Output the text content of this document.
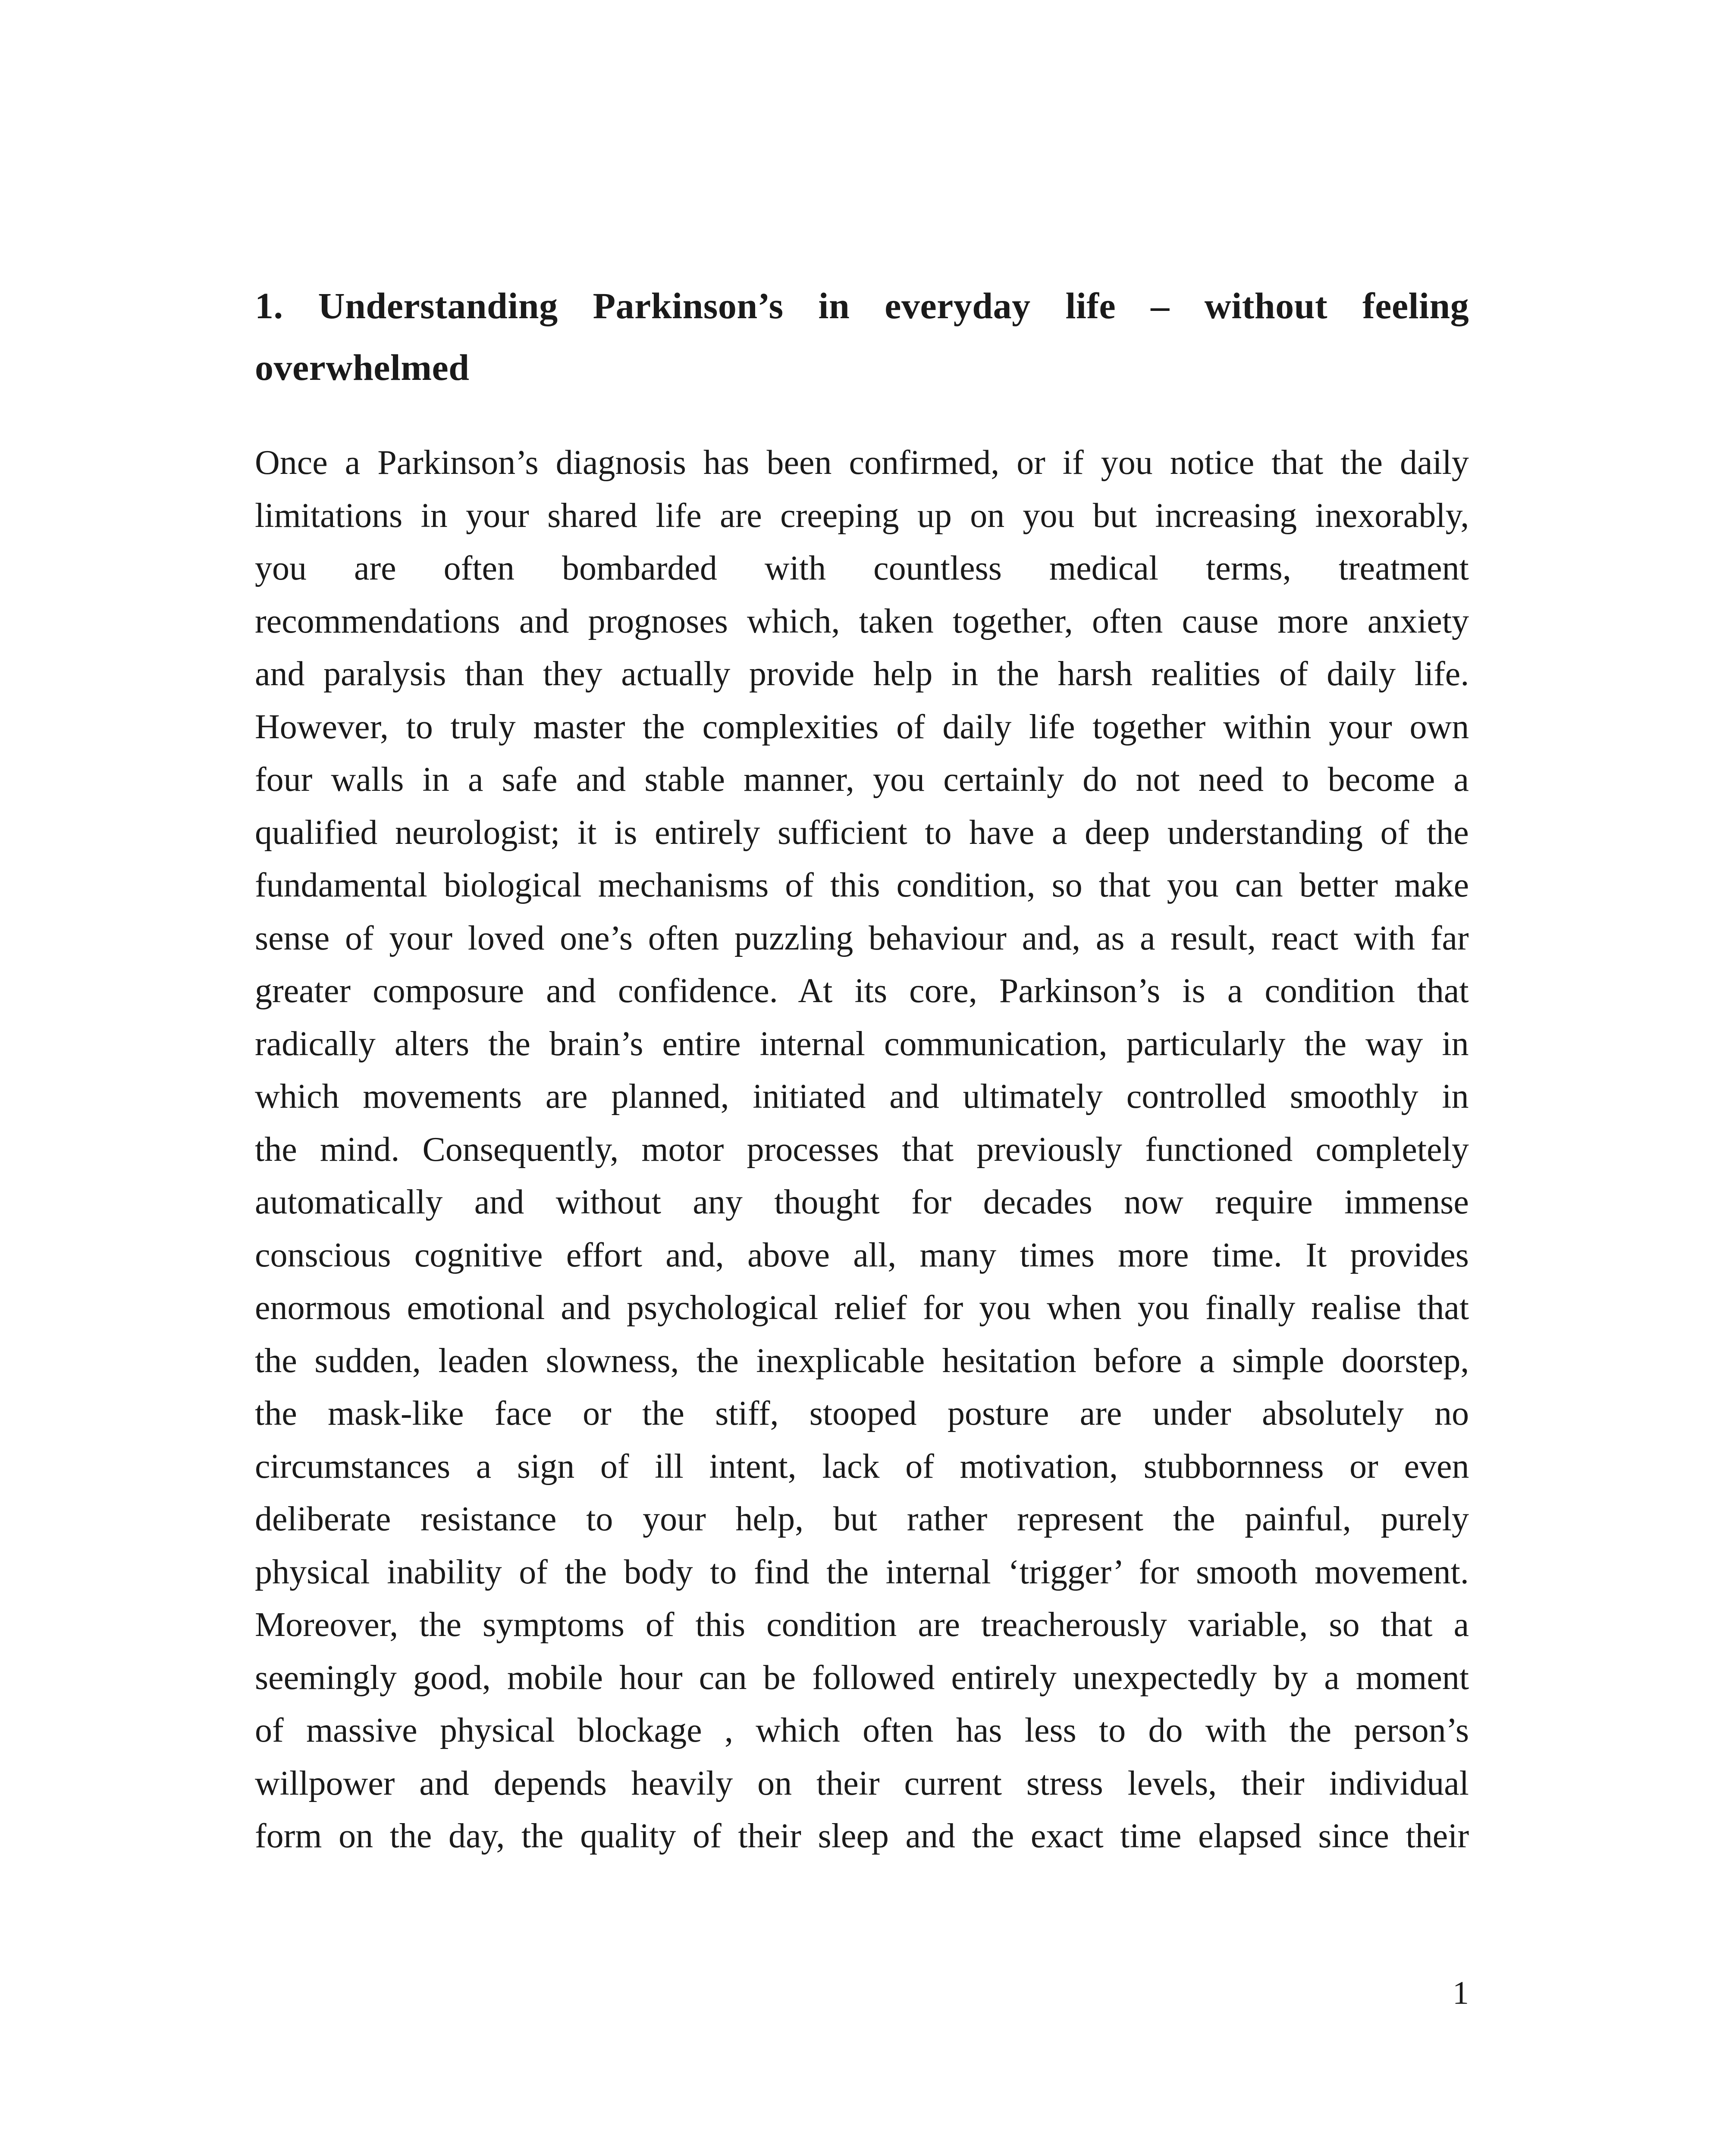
1. Understanding Parkinson’s in everyday life – without feeling

overwhelmed

Once a Parkinson’s diagnosis has been confirmed, or if you notice that the daily
limitations in your shared life are creeping up on you but increasing inexorably,
you are often bombarded with countless medical terms, treatment
recommendations and prognoses which, taken together, often cause more anxiety
and paralysis than they actually provide help in the harsh realities of daily life.
However, to truly master the complexities of daily life together within your own
four walls in a safe and stable manner, you certainly do not need to become a
qualified neurologist; it is entirely sufficient to have a deep understanding of the
fundamental biological mechanisms of this condition, so that you can better make
sense of your loved one’s often puzzling behaviour and, as a result, react with far
greater composure and confidence. At its core, Parkinson’s is a condition that
radically alters the brain’s entire internal communication, particularly the way in
which movements are planned, initiated and ultimately controlled smoothly in
the mind. Consequently, motor processes that previously functioned completely
automatically and without any thought for decades now require immense
conscious cognitive effort and, above all, many times more time. It provides
enormous emotional and psychological relief for you when you finally realise that
the sudden, leaden slowness, the inexplicable hesitation before a simple doorstep,
the mask-like face or the stiff, stooped posture are under absolutely no
circumstances a sign of ill intent, lack of motivation, stubbornness or even
deliberate resistance to your help, but rather represent the painful, purely
physical inability of the body to find the internal ‘trigger’ for smooth movement.
Moreover, the symptoms of this condition are treacherously variable, so that a
seemingly good, mobile hour can be followed entirely unexpectedly by a moment
of massive physical blockage , which often has less to do with the person’s
willpower and depends heavily on their current stress levels, their individual
form on the day, the quality of their sleep and the exact time elapsed since their
1
